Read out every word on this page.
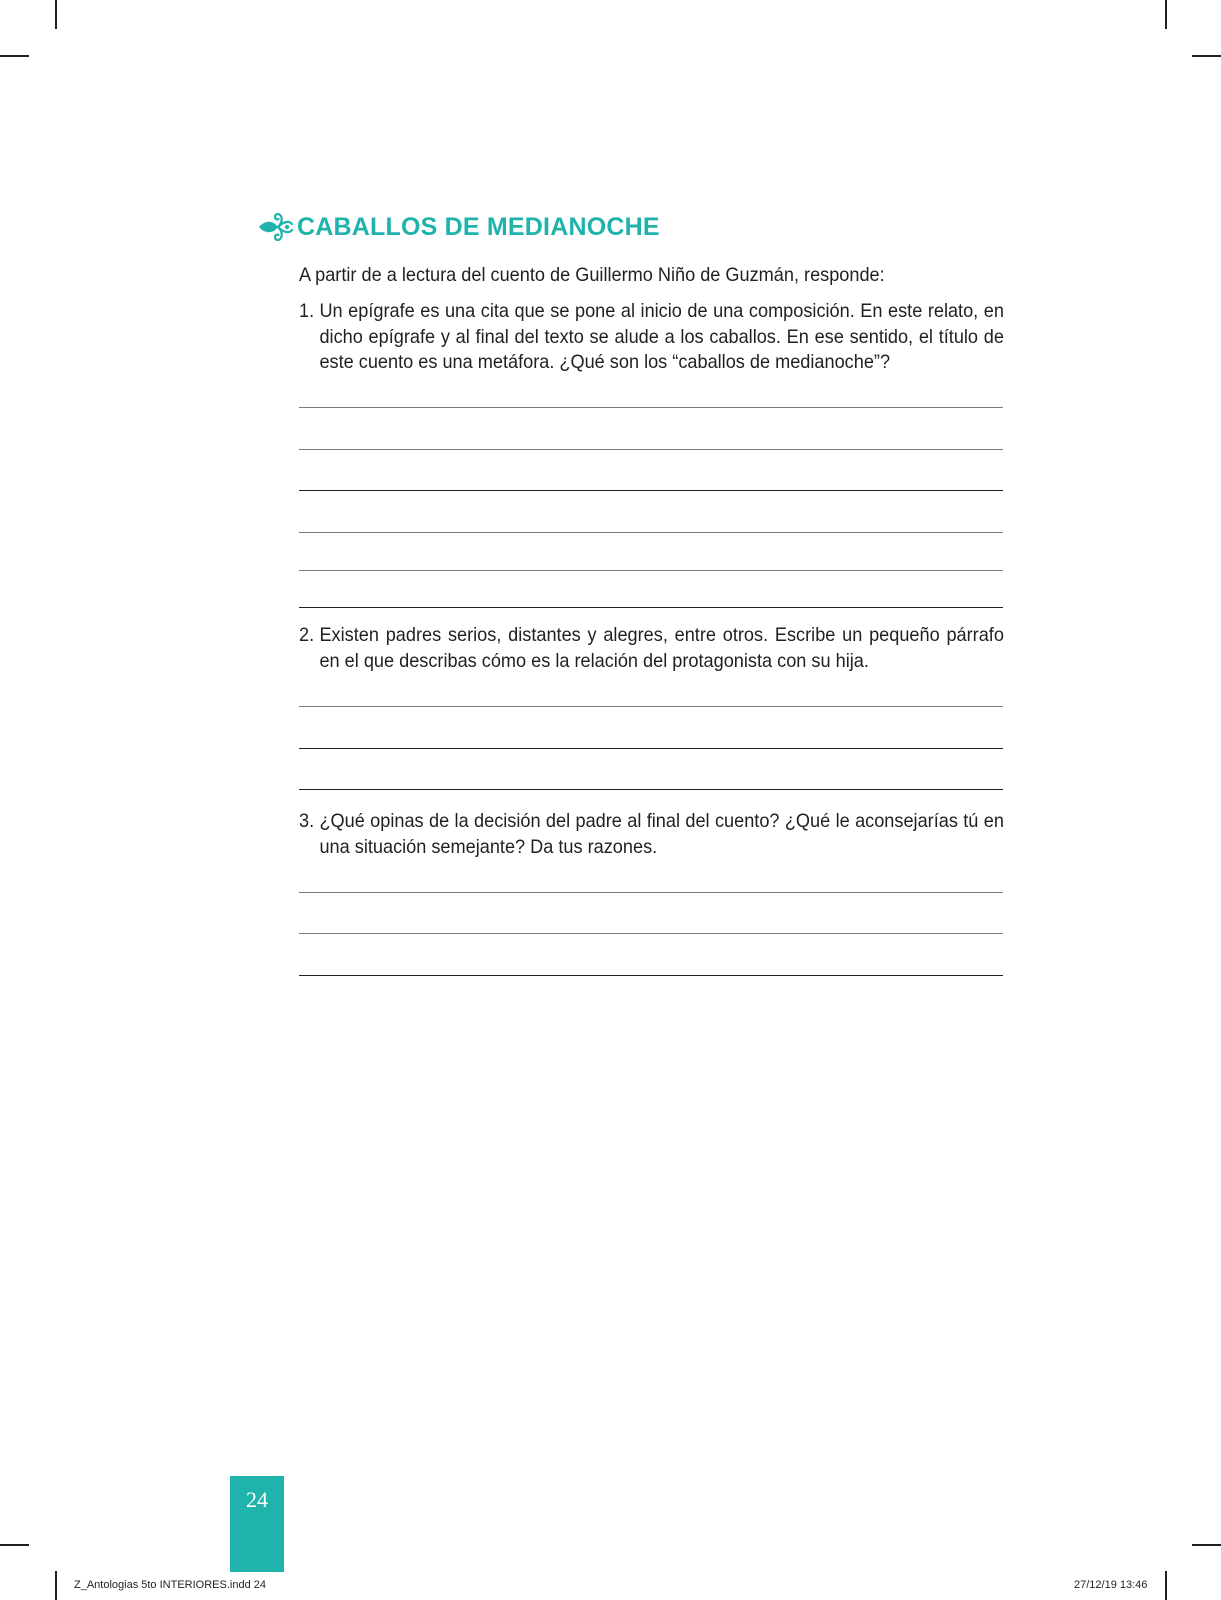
CABALLOS DE MEDIANOCHE
A partir de a lectura del cuento de Guillermo Niño de Guzmán, responde:
1. Un epígrafe es una cita que se pone al inicio de una composición. En este relato, en dicho epígrafe y al final del texto se alude a los caballos. En ese sentido, el título de este cuento es una metáfora. ¿Qué son los “caballos de medianoche”?
2. Existen padres serios, distantes y alegres, entre otros. Escribe un pequeño párrafo en el que describas cómo es la relación del protagonista con su hija.
3. ¿Qué opinas de la decisión del padre al final del cuento? ¿Qué le aconsejarías tú en una situación semejante? Da tus razones.
24
Z_Antologias 5to INTERIORES.indd 24	27/12/19 13:46
